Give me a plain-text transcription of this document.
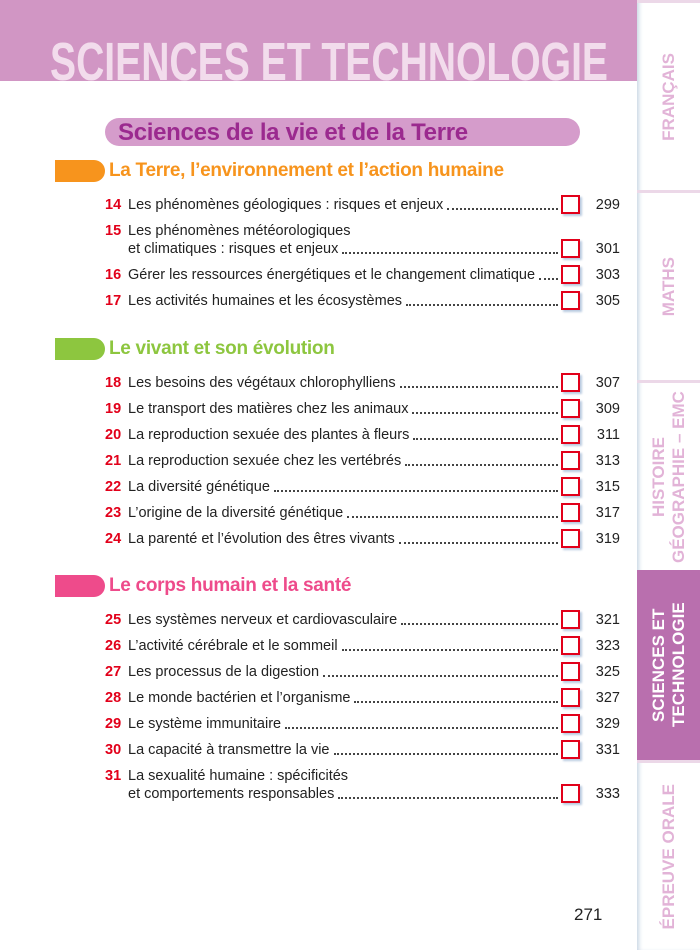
SCIENCES ET TECHNOLOGIE
Sciences de la vie et de la Terre
La Terre, l’environnement et l’action humaine
14 Les phénomènes géologiques : risques et enjeux	299
15 Les phénomènes météorologiques
et climatiques : risques et enjeux	301
16 Gérer les ressources énergétiques et le changement climatique	303
17 Les activités humaines et les écosystèmes	305
Le vivant et son évolution
18 Les besoins des végétaux chlorophylliens	307
19 Le transport des matières chez les animaux	309
20 La reproduction sexuée des plantes à fleurs	311
21 La reproduction sexuée chez les vertébrés	313
22 La diversité génétique	315
23 L’origine de la diversité génétique	317
24 La parenté et l’évolution des êtres vivants	319
Le corps humain et la santé
25 Les systèmes nerveux et cardiovasculaire	321
26 L’activité cérébrale et le sommeil	323
27 Les processus de la digestion	325
28 Le monde bactérien et l’organisme	327
29 Le système immunitaire	329
30 La capacité à transmettre la vie	331
31 La sexualité humaine : spécificités
et comportements responsables	333
271
FRANÇAIS
MATHS
HISTOIRE GÉOGRAPHIE – EMC
SCIENCES ET TECHNOLOGIE
ÉPREUVE ORALE
